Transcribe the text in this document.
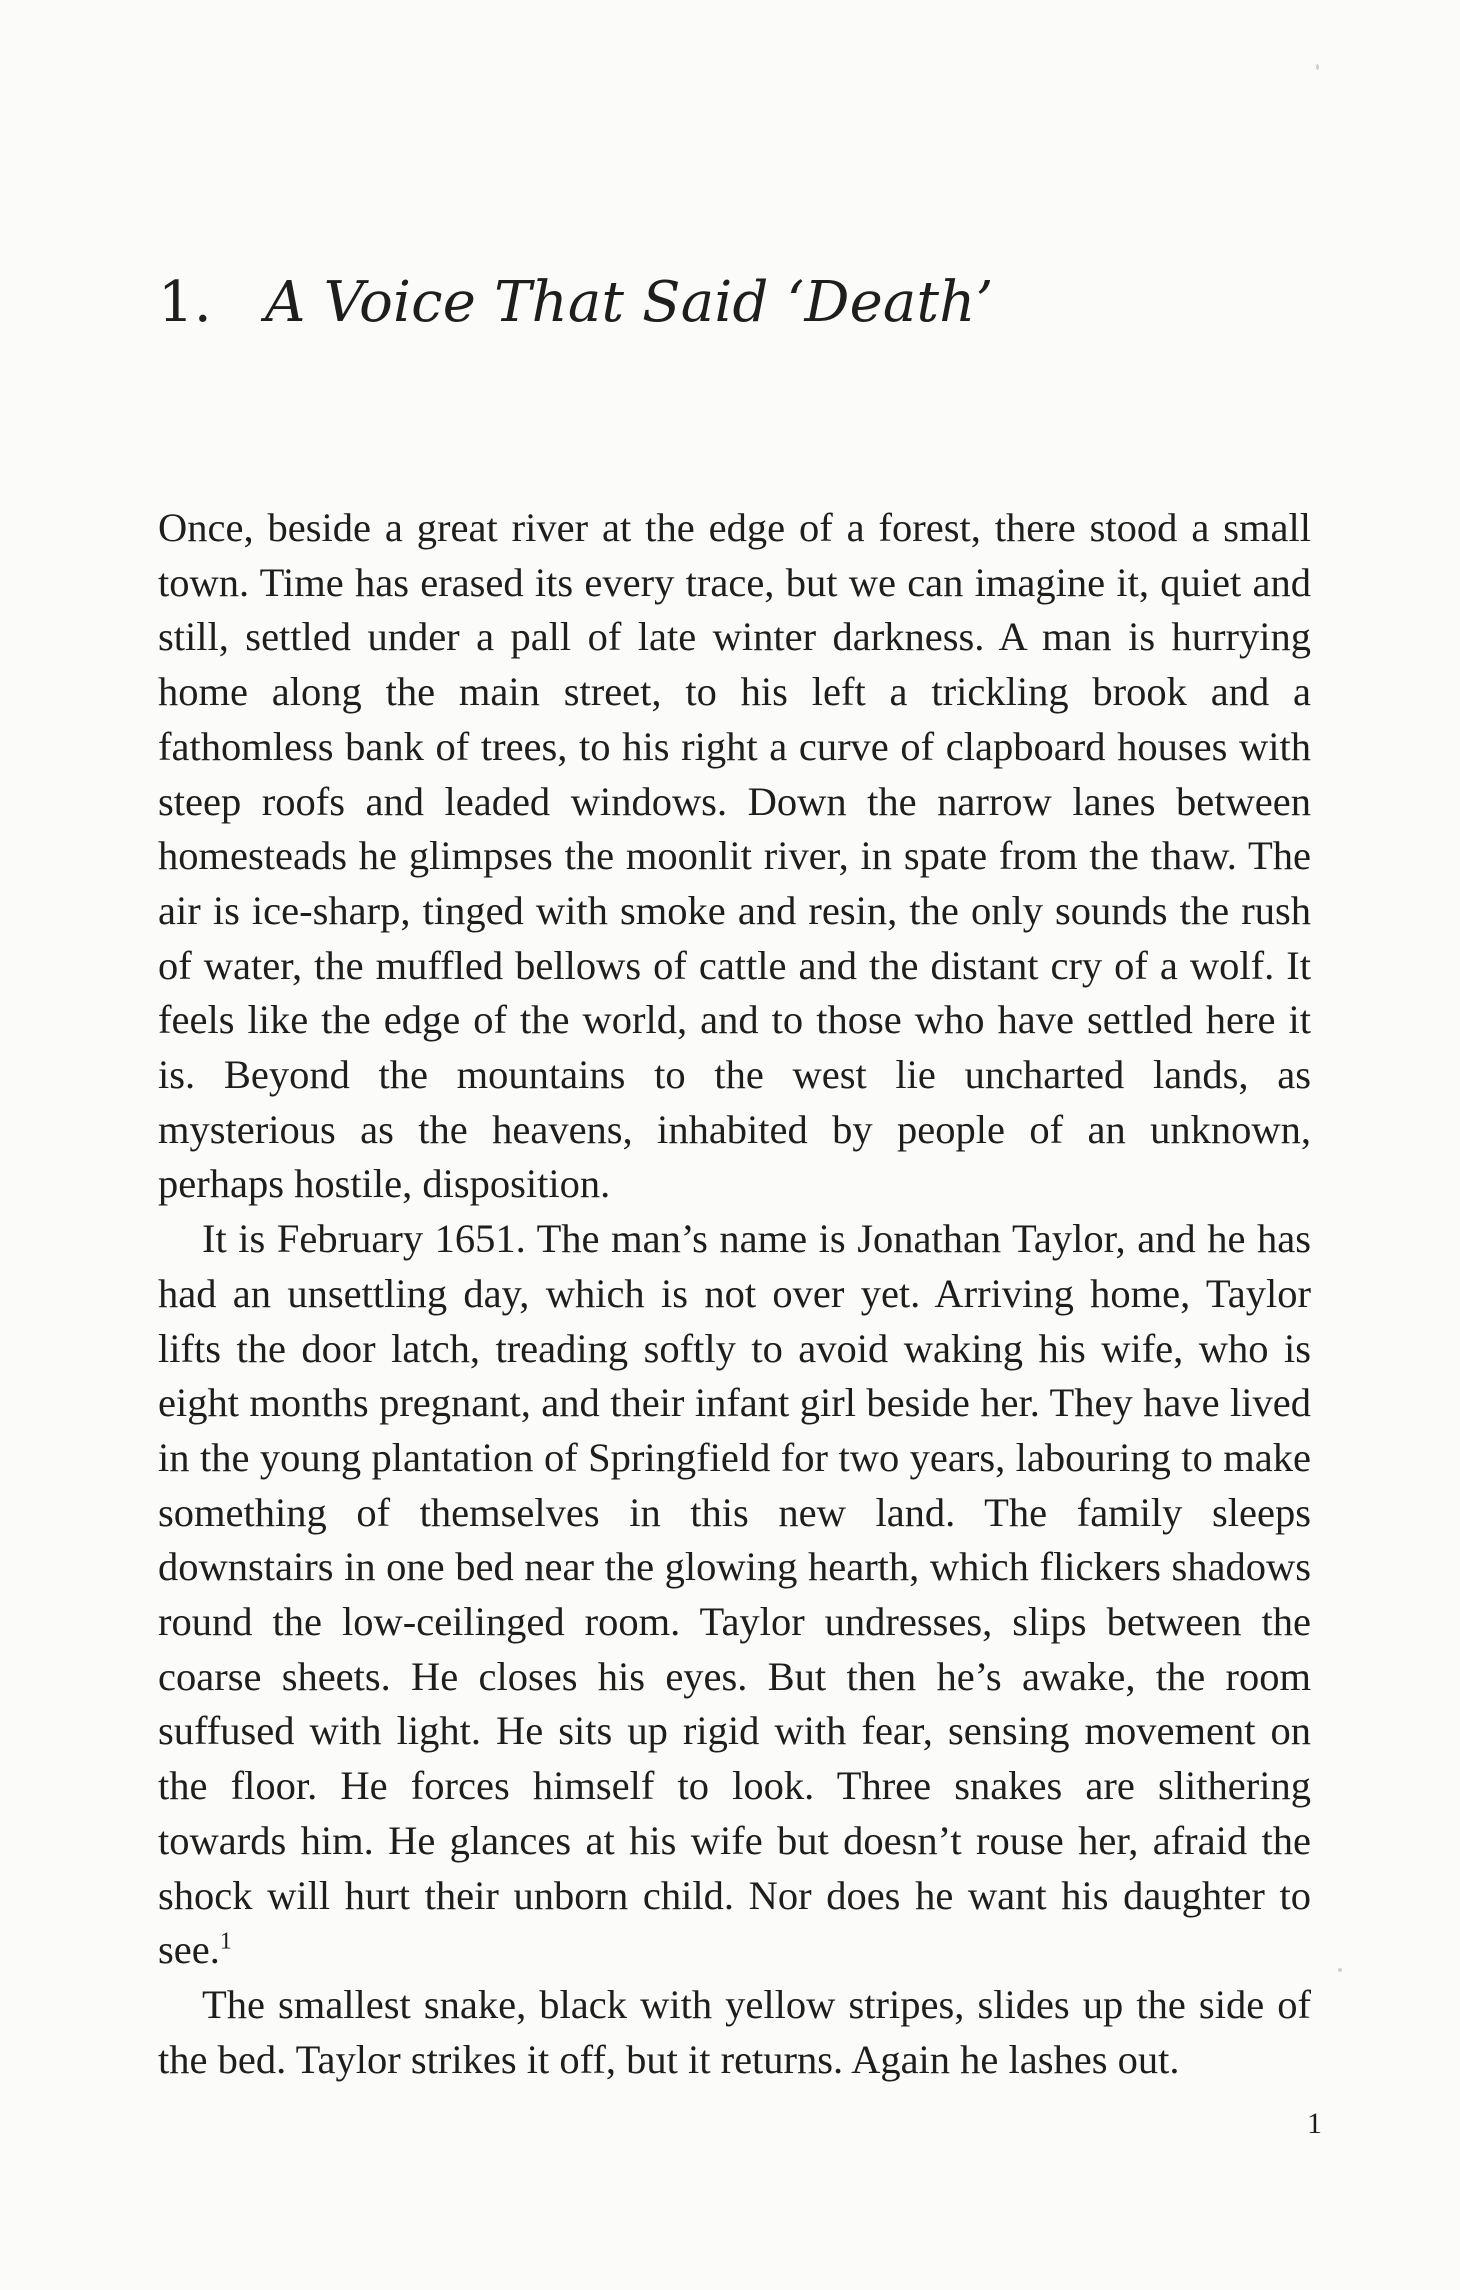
1. A Voice That Said ‘Death’

Once, beside a great river at the edge of a forest, there stood a small town. Time has erased its every trace, but we can imagine it, quiet and still, settled under a pall of late winter darkness. A man is hurrying home along the main street, to his left a trickling brook and a fathomless bank of trees, to his right a curve of clapboard houses with steep roofs and leaded windows. Down the narrow lanes between homesteads he glimpses the moonlit river, in spate from the thaw. The air is ice-sharp, tinged with smoke and resin, the only sounds the rush of water, the muffled bellows of cattle and the distant cry of a wolf. It feels like the edge of the world, and to those who have settled here it is. Beyond the mountains to the west lie uncharted lands, as mysterious as the heavens, inhabited by people of an unknown, perhaps hostile, disposition.

It is February 1651. The man’s name is Jonathan Taylor, and he has had an unsettling day, which is not over yet. Arriving home, Taylor lifts the door latch, treading softly to avoid waking his wife, who is eight months pregnant, and their infant girl beside her. They have lived in the young plantation of Springfield for two years, labouring to make something of themselves in this new land. The family sleeps downstairs in one bed near the glowing hearth, which flickers shadows round the low-ceilinged room. Taylor undresses, slips between the coarse sheets. He closes his eyes. But then he’s awake, the room suffused with light. He sits up rigid with fear, sensing movement on the floor. He forces himself to look. Three snakes are slithering towards him. He glances at his wife but doesn’t rouse her, afraid the shock will hurt their unborn child. Nor does he want his daughter to see.$^1$

The smallest snake, black with yellow stripes, slides up the side of the bed. Taylor strikes it off, but it returns. Again he lashes out.

1
